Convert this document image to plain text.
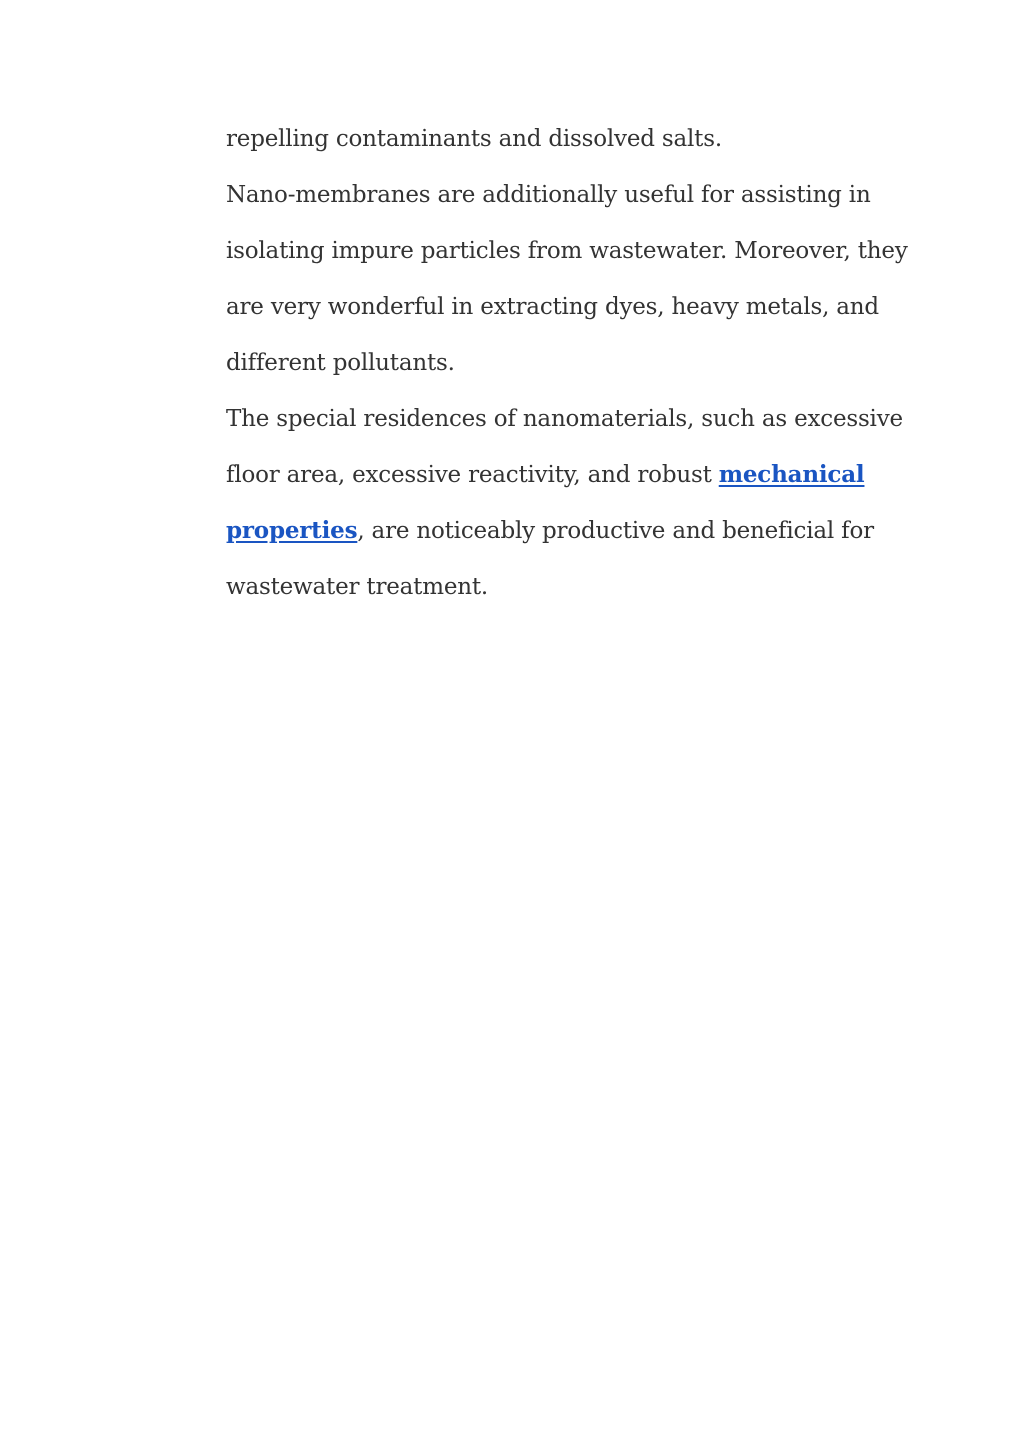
repelling contaminants and dissolved salts.

Nano-membranes are additionally useful for assisting in isolating impure particles from wastewater. Moreover, they are very wonderful in extracting dyes, heavy metals, and different pollutants.

The special residences of nanomaterials, such as excessive floor area, excessive reactivity, and robust mechanical properties, are noticeably productive and beneficial for wastewater treatment.
